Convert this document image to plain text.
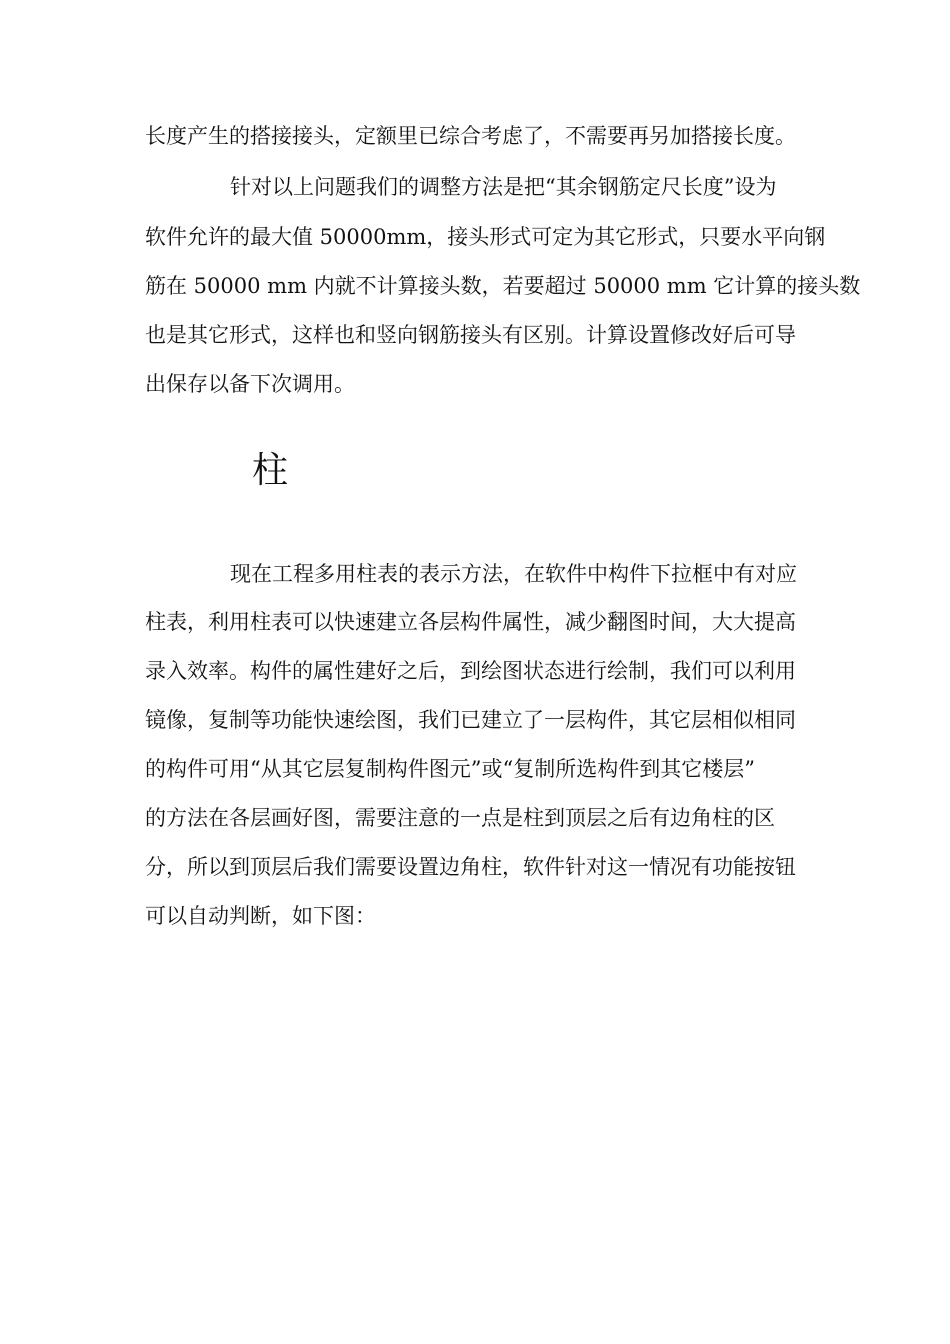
长度产生的搭接接头，定额里已综合考虑了，不需要再另加搭接长度。
针对以上问题我们的调整方法是把“其余钢筋定尺长度”设为
软件允许的最大值 50000mm，接头形式可定为其它形式，只要水平向钢
筋在 50000 mm 内就不计算接头数，若要超过 50000 mm 它计算的接头数
也是其它形式，这样也和竖向钢筋接头有区别。计算设置修改好后可导
出保存以备下次调用。
柱
现在工程多用柱表的表示方法，在软件中构件下拉框中有对应
柱表，利用柱表可以快速建立各层构件属性，减少翻图时间，大大提高
录入效率。构件的属性建好之后，到绘图状态进行绘制，我们可以利用
镜像，复制等功能快速绘图，我们已建立了一层构件，其它层相似相同
的构件可用“从其它层复制构件图元”或“复制所选构件到其它楼层”
的方法在各层画好图，需要注意的一点是柱到顶层之后有边角柱的区
分，所以到顶层后我们需要设置边角柱，软件针对这一情况有功能按钮
可以自动判断，如下图：
